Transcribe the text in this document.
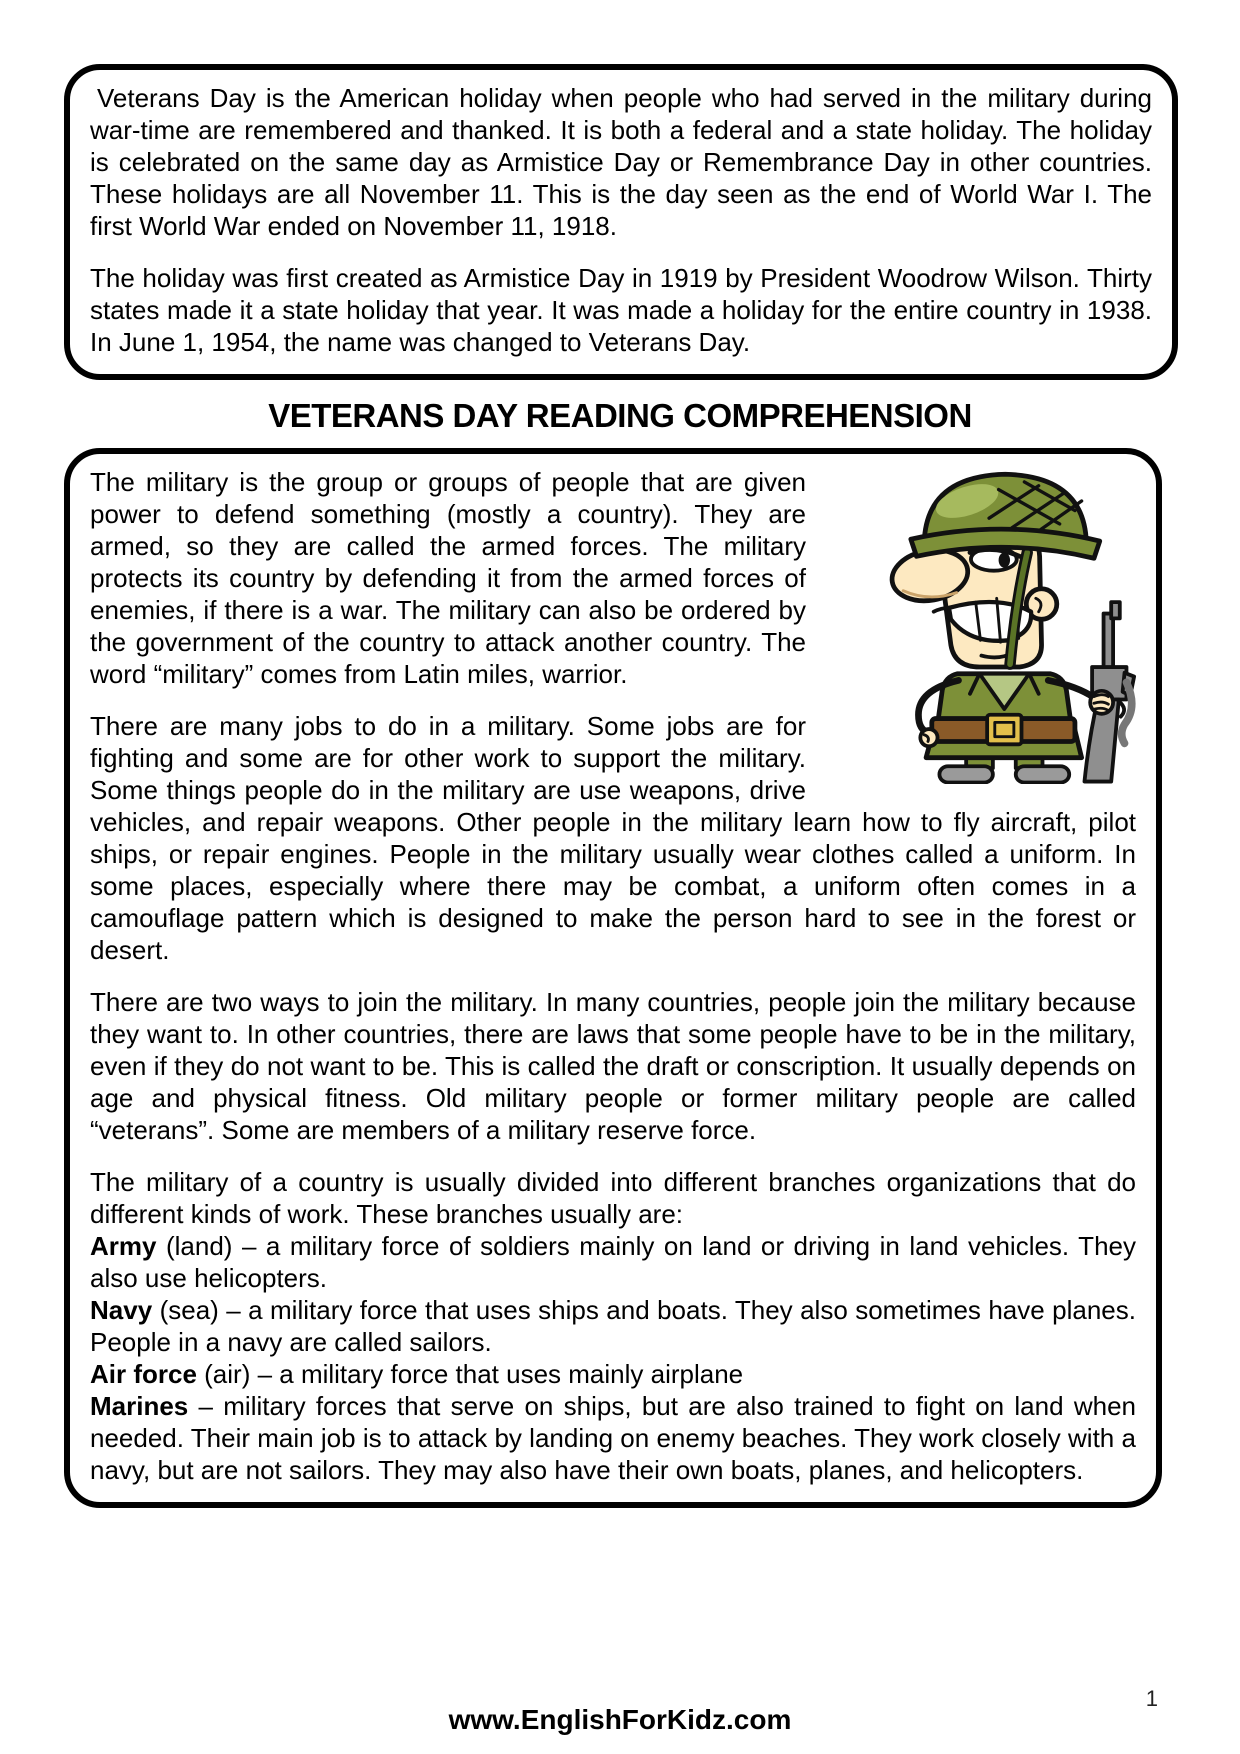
Veterans Day is the American holiday when people who had served in the military during war-time are remembered and thanked. It is both a federal and a state holiday. The holiday is celebrated on the same day as Armistice Day or Remembrance Day in other countries. These holidays are all November 11. This is the day seen as the end of World War I. The first World War ended on November 11, 1918.

The holiday was first created as Armistice Day in 1919 by President Woodrow Wilson. Thirty states made it a state holiday that year. It was made a holiday for the entire country in 1938. In June 1, 1954, the name was changed to Veterans Day.

VETERANS DAY READING COMPREHENSION

The military is the group or groups of people that are given power to defend something (mostly a country). They are armed, so they are called the armed forces. The military protects its country by defending it from the armed forces of enemies, if there is a war. The military can also be ordered by the government of the country to attack another country. The word “military” comes from Latin miles, warrior.

There are many jobs to do in a military. Some jobs are for fighting and some are for other work to support the military. Some things people do in the military are use weapons, drive vehicles, and repair weapons. Other people in the military learn how to fly aircraft, pilot ships, or repair engines. People in the military usually wear clothes called a uniform. In some places, especially where there may be combat, a uniform often comes in a camouflage pattern which is designed to make the person hard to see in the forest or desert.

There are two ways to join the military. In many countries, people join the military because they want to. In other countries, there are laws that some people have to be in the military, even if they do not want to be. This is called the draft or conscription. It usually depends on age and physical fitness. Old military people or former military people are called “veterans”. Some are members of a military reserve force.

The military of a country is usually divided into different branches organizations that do different kinds of work. These branches usually are:

Army (land) – a military force of soldiers mainly on land or driving in land vehicles. They also use helicopters.

Navy (sea) – a military force that uses ships and boats. They also sometimes have planes. People in a navy are called sailors.

Air force (air) – a military force that uses mainly airplane

Marines – military forces that serve on ships, but are also trained to fight on land when needed. Their main job is to attack by landing on enemy beaches. They work closely with a navy, but are not sailors. They may also have their own boats, planes, and helicopters.

www.EnglishForKidz.com
1
